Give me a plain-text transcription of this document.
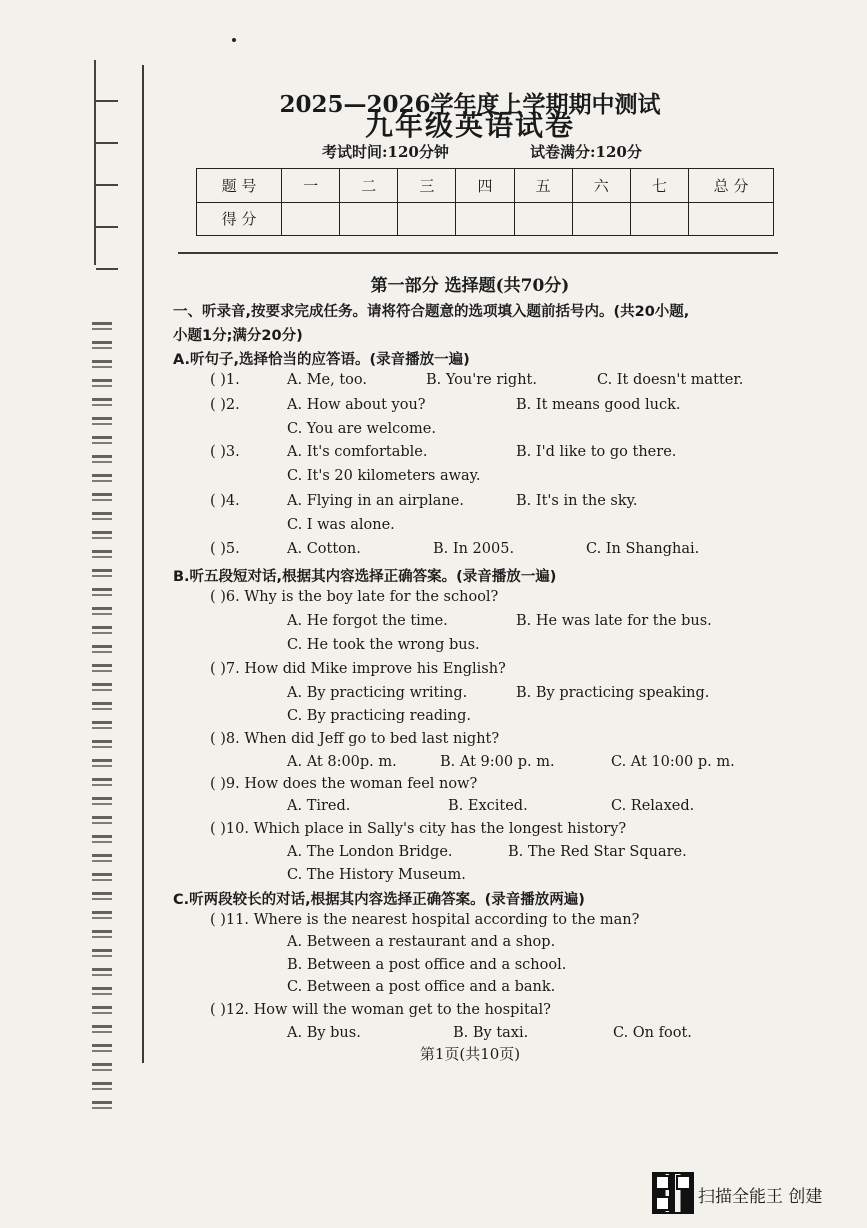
2025—2026学年度上学期期中测试
九年级英语试卷
考试时间:120分钟	试卷满分:120分
题 号	一	二	三	四	五	六	七	总 分
得 分								
第一部分 选择题(共70分)
一、听录音,按要求完成任务。请将符合题意的选项填入题前括号内。(共20小题,
小题1分;满分20分)
A.听句子,选择恰当的应答语。(录音播放一遍)
( )1.	A. Me, too.	B. You're right.	C. It doesn't matter.
( )2.	A. How about you?	B. It means good luck.
C. You are welcome.
( )3.	A. It's comfortable.	B. I'd like to go there.
C. It's 20 kilometers away.
( )4.	A. Flying in an airplane.	B. It's in the sky.
C. I was alone.
( )5.	A. Cotton.	B. In 2005.	C. In Shanghai.
B.听五段短对话,根据其内容选择正确答案。(录音播放一遍)
( )6. Why is the boy late for the school?
A. He forgot the time.	B. He was late for the bus.
C. He took the wrong bus.
( )7. How did Mike improve his English?
A. By practicing writing.	B. By practicing speaking.
C. By practicing reading.
( )8. When did Jeff go to bed last night?
A. At 8:00p. m.	B. At 9:00 p. m.	C. At 10:00 p. m.
( )9. How does the woman feel now?
A. Tired.	B. Excited.	C. Relaxed.
( )10. Which place in Sally's city has the longest history?
A. The London Bridge.	B. The Red Star Square.
C. The History Museum.
C.听两段较长的对话,根据其内容选择正确答案。(录音播放两遍)
( )11. Where is the nearest hospital according to the man?
A. Between a restaurant and a shop.
B. Between a post office and a school.
C. Between a post office and a bank.
( )12. How will the woman get to the hospital?
A. By bus.	B. By taxi.	C. On foot.
第1页(共10页)
扫描全能王 创建
